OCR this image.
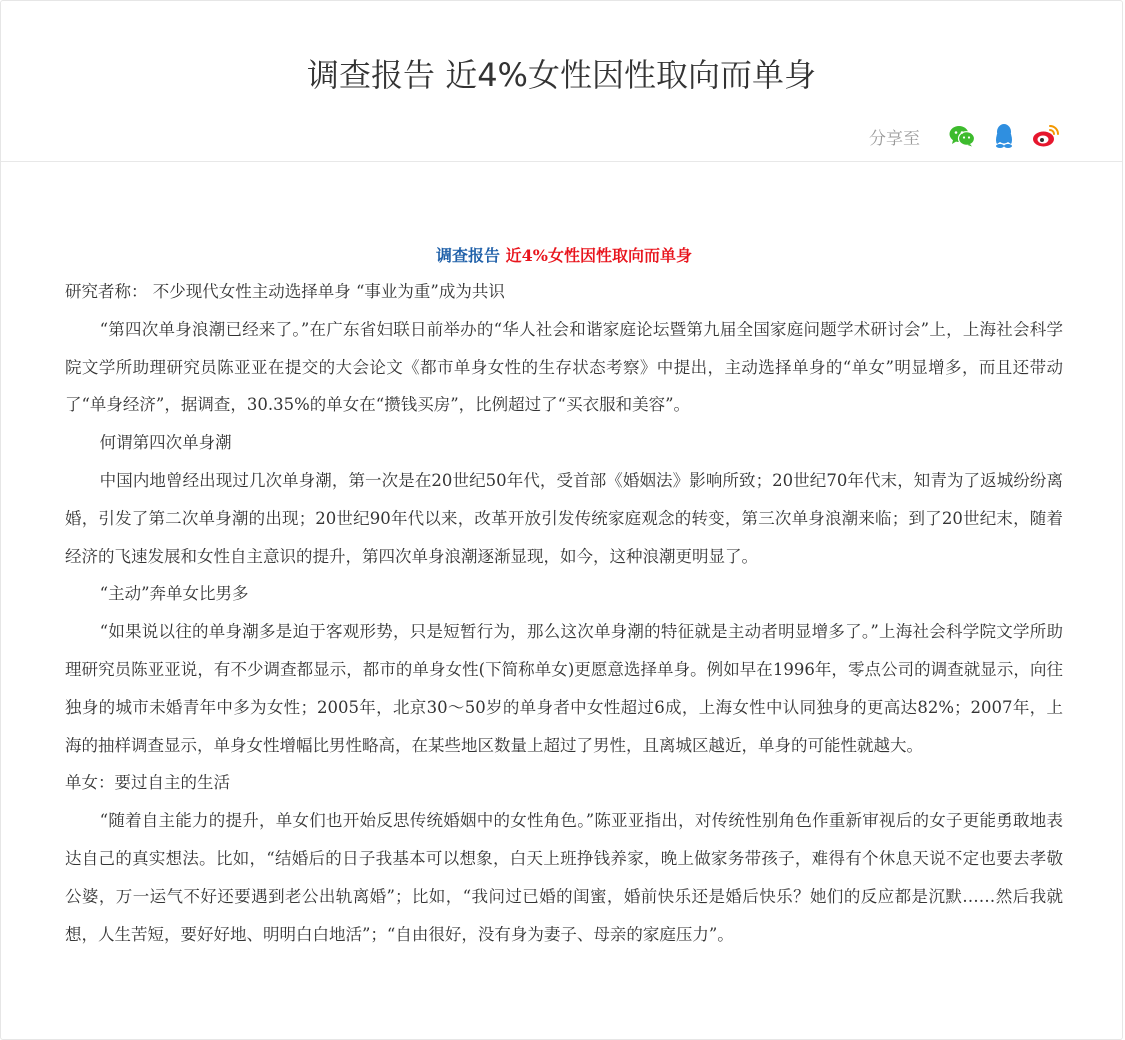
调查报告 近4%女性因性取向而单身
分享至

调查报告 近4%女性因性取向而单身

研究者称： 不少现代女性主动选择单身 “事业为重”成为共识

“第四次单身浪潮已经来了。”在广东省妇联日前举办的“华人社会和谐家庭论坛暨第九届全国家庭问题学术研讨会”上，上海社会科学院文学所助理研究员陈亚亚在提交的大会论文《都市单身女性的生存状态考察》中提出，主动选择单身的“单女”明显增多，而且还带动了“单身经济”，据调查，30.35%的单女在“攒钱买房”，比例超过了“买衣服和美容”。

何谓第四次单身潮

中国内地曾经出现过几次单身潮，第一次是在20世纪50年代，受首部《婚姻法》影响所致；20世纪70年代末，知青为了返城纷纷离婚，引发了第二次单身潮的出现；20世纪90年代以来，改革开放引发传统家庭观念的转变，第三次单身浪潮来临；到了20世纪末，随着经济的飞速发展和女性自主意识的提升，第四次单身浪潮逐渐显现，如今，这种浪潮更明显了。

“主动”奔单女比男多

“如果说以往的单身潮多是迫于客观形势，只是短暂行为，那么这次单身潮的特征就是主动者明显增多了。”上海社会科学院文学所助理研究员陈亚亚说，有不少调查都显示，都市的单身女性(下简称单女)更愿意选择单身。例如早在1996年，零点公司的调查就显示，向往独身的城市未婚青年中多为女性；2005年，北京30～50岁的单身者中女性超过6成，上海女性中认同独身的更高达82%；2007年，上海的抽样调查显示，单身女性增幅比男性略高，在某些地区数量上超过了男性，且离城区越近，单身的可能性就越大。

单女：要过自主的生活

“随着自主能力的提升，单女们也开始反思传统婚姻中的女性角色。”陈亚亚指出，对传统性别角色作重新审视后的女子更能勇敢地表达自己的真实想法。比如，“结婚后的日子我基本可以想象，白天上班挣钱养家，晚上做家务带孩子，难得有个休息天说不定也要去孝敬公婆，万一运气不好还要遇到老公出轨离婚”；比如，“我问过已婚的闺蜜，婚前快乐还是婚后快乐？她们的反应都是沉默……然后我就想，人生苦短，要好好地、明明白白地活”；“自由很好，没有身为妻子、母亲的家庭压力”。
